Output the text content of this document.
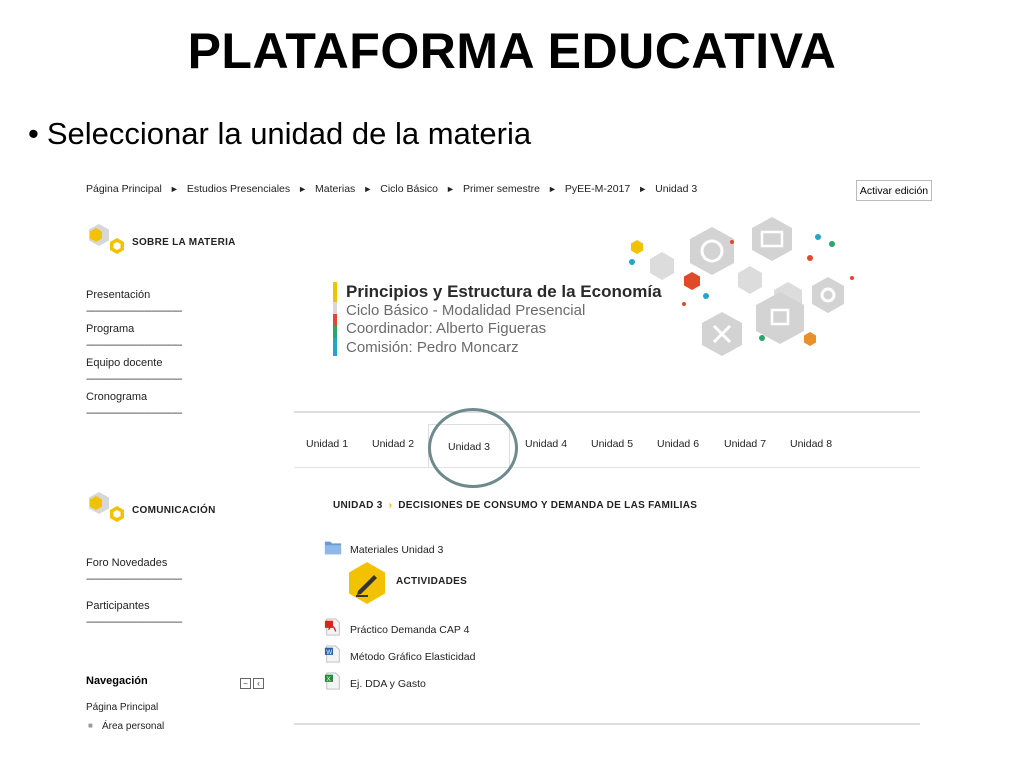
PLATAFORMA EDUCATIVA
• Seleccionar la unidad de la materia
Página Principal ► Estudios Presenciales ► Materias ► Ciclo Básico ► Primer semestre ► PyEE-M-2017 ► Unidad 3	Activar edición
SOBRE LA MATERIA
Presentación
-----------------------------------------
Programa
-----------------------------------------
Equipo docente
-----------------------------------------
Cronograma
-----------------------------------------
COMUNICACIÓN
Foro Novedades
-----------------------------------------
Participantes
-----------------------------------------
Navegación	−	‹
Página Principal
■ Área personal
Principios y Estructura de la Economía
Ciclo Básico - Modalidad Presencial
Coordinador: Alberto Figueras
Comisión: Pedro Moncarz
Unidad 1 Unidad 2	Unidad 3	Unidad 4 Unidad 5 Unidad 6 Unidad 7 Unidad 8
UNIDAD 3 › DECISIONES DE CONSUMO Y DEMANDA DE LAS FAMILIAS
Materiales Unidad 3
ACTIVIDADES
Práctico Demanda CAP 4
W Método Gráfico Elasticidad
X Ej. DDA y Gasto
